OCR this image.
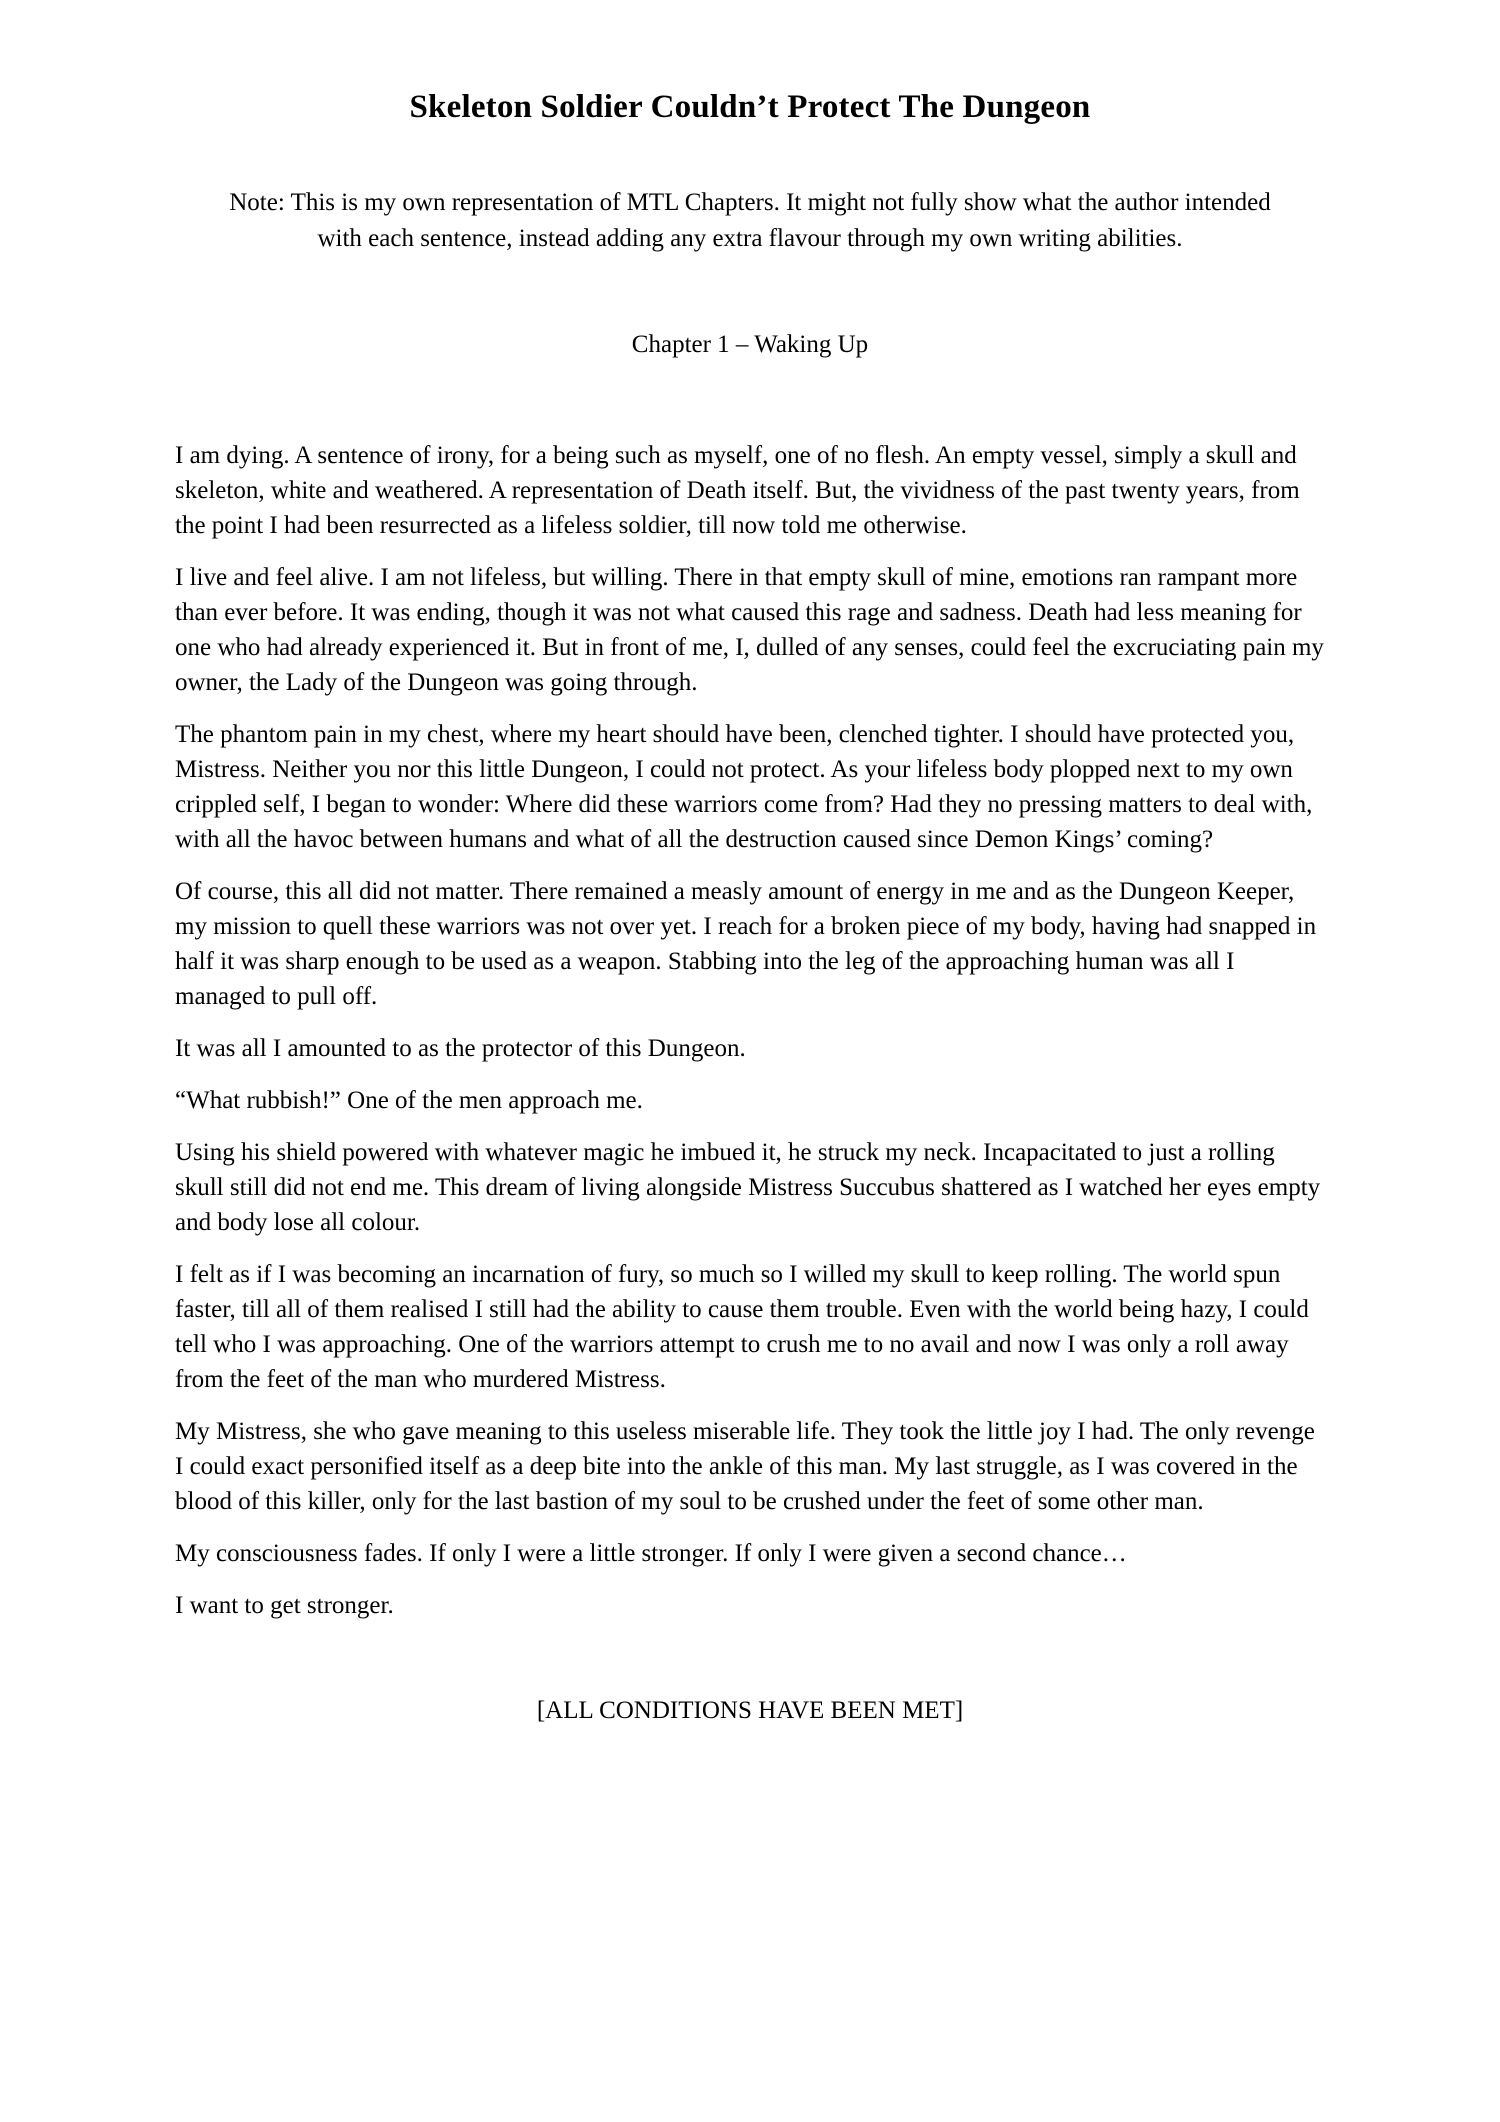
Skeleton Soldier Couldn’t Protect The Dungeon

Note: This is my own representation of MTL Chapters. It might not fully show what the author intended with each sentence, instead adding any extra flavour through my own writing abilities.

Chapter 1 – Waking Up

I am dying. A sentence of irony, for a being such as myself, one of no flesh. An empty vessel, simply a skull and skeleton, white and weathered. A representation of Death itself. But, the vividness of the past twenty years, from the point I had been resurrected as a lifeless soldier, till now told me otherwise.

I live and feel alive. I am not lifeless, but willing. There in that empty skull of mine, emotions ran rampant more than ever before. It was ending, though it was not what caused this rage and sadness. Death had less meaning for one who had already experienced it. But in front of me, I, dulled of any senses, could feel the excruciating pain my owner, the Lady of the Dungeon was going through.

The phantom pain in my chest, where my heart should have been, clenched tighter. I should have protected you, Mistress. Neither you nor this little Dungeon, I could not protect. As your lifeless body plopped next to my own crippled self, I began to wonder: Where did these warriors come from? Had they no pressing matters to deal with, with all the havoc between humans and what of all the destruction caused since Demon Kings’ coming?

Of course, this all did not matter. There remained a measly amount of energy in me and as the Dungeon Keeper, my mission to quell these warriors was not over yet. I reach for a broken piece of my body, having had snapped in half it was sharp enough to be used as a weapon. Stabbing into the leg of the approaching human was all I managed to pull off.

It was all I amounted to as the protector of this Dungeon.

“What rubbish!” One of the men approach me.

Using his shield powered with whatever magic he imbued it, he struck my neck. Incapacitated to just a rolling skull still did not end me. This dream of living alongside Mistress Succubus shattered as I watched her eyes empty and body lose all colour.

I felt as if I was becoming an incarnation of fury, so much so I willed my skull to keep rolling. The world spun faster, till all of them realised I still had the ability to cause them trouble. Even with the world being hazy, I could tell who I was approaching. One of the warriors attempt to crush me to no avail and now I was only a roll away from the feet of the man who murdered Mistress.

My Mistress, she who gave meaning to this useless miserable life. They took the little joy I had. The only revenge I could exact personified itself as a deep bite into the ankle of this man. My last struggle, as I was covered in the blood of this killer, only for the last bastion of my soul to be crushed under the feet of some other man.

My consciousness fades. If only I were a little stronger. If only I were given a second chance…

I want to get stronger.

[ALL CONDITIONS HAVE BEEN MET]
